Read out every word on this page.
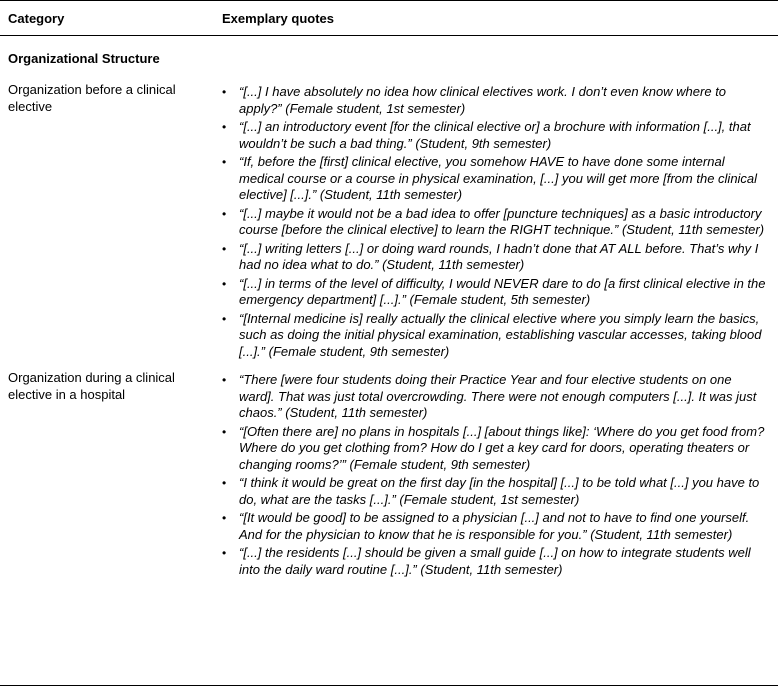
Category	Exemplary quotes
Organizational Structure
Organization before a clinical elective
• “[...] I have absolutely no idea how clinical electives work. I don’t even know where to apply?” (Female student, 1st semester)
• “[...] an introductory event [for the clinical elective or] a brochure with information [...], that wouldn’t be such a bad thing.” (Student, 9th semester)
• “If, before the [first] clinical elective, you somehow HAVE to have done some internal medical course or a course in physical examination, [...] you will get more [from the clinical elective] [...].” (Student, 11th semester)
• “[...] maybe it would not be a bad idea to offer [puncture techniques] as a basic introductory course [before the clinical elective] to learn the RIGHT technique.” (Student, 11th semester)
• “[...] writing letters [...] or doing ward rounds, I hadn’t done that AT ALL before. That’s why I had no idea what to do.” (Student, 11th semester)
• “[...] in terms of the level of difficulty, I would NEVER dare to do [a first clinical elective in the emergency department] [...].” (Female student, 5th semester)
• “[Internal medicine is] really actually the clinical elective where you simply learn the basics, such as doing the initial physical examination, establishing vascular accesses, taking blood [...].” (Female student, 9th semester)
Organization during a clinical elective in a hospital
• “There [were four students doing their Practice Year and four elective students on one ward]. That was just total overcrowding. There were not enough computers [...]. It was just chaos.” (Student, 11th semester)
• “[Often there are] no plans in hospitals [...] [about things like]: ‘Where do you get food from? Where do you get clothing from? How do I get a key card for doors, operating theaters or changing rooms?’” (Female student, 9th semester)
• “I think it would be great on the first day [in the hospital] [...] to be told what [...] you have to do, what are the tasks [...].” (Female student, 1st semester)
• “[It would be good] to be assigned to a physician [...] and not to have to find one yourself. And for the physician to know that he is responsible for you.” (Student, 11th semester)
• “[...] the residents [...] should be given a small guide [...] on how to integrate students well into the daily ward routine [...].” (Student, 11th semester)
